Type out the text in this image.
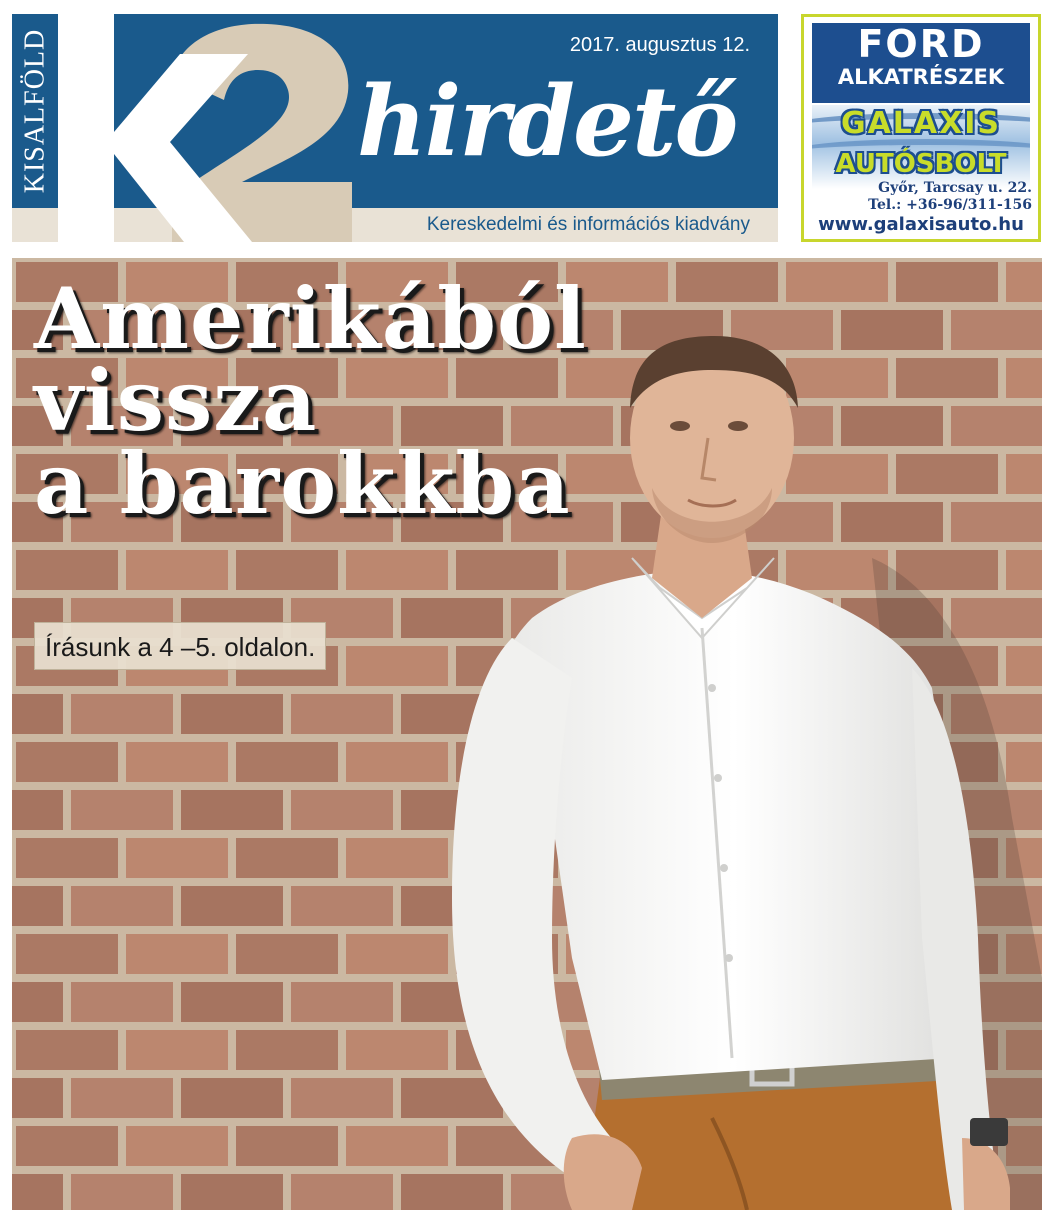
KISALFÖLD	2017. augusztus 12.
hirdető
Kereskedelmi és információs kiadvány
FORD
ALKATRÉSZEK
GALAXIS
AUTÓSBOLT
Győr, Tarcsay u. 22.
Tel.: +36-96/311-156
www.galaxisauto.hu
Amerikából
vissza
a barokkba
Írásunk a 4 –5. oldalon.
